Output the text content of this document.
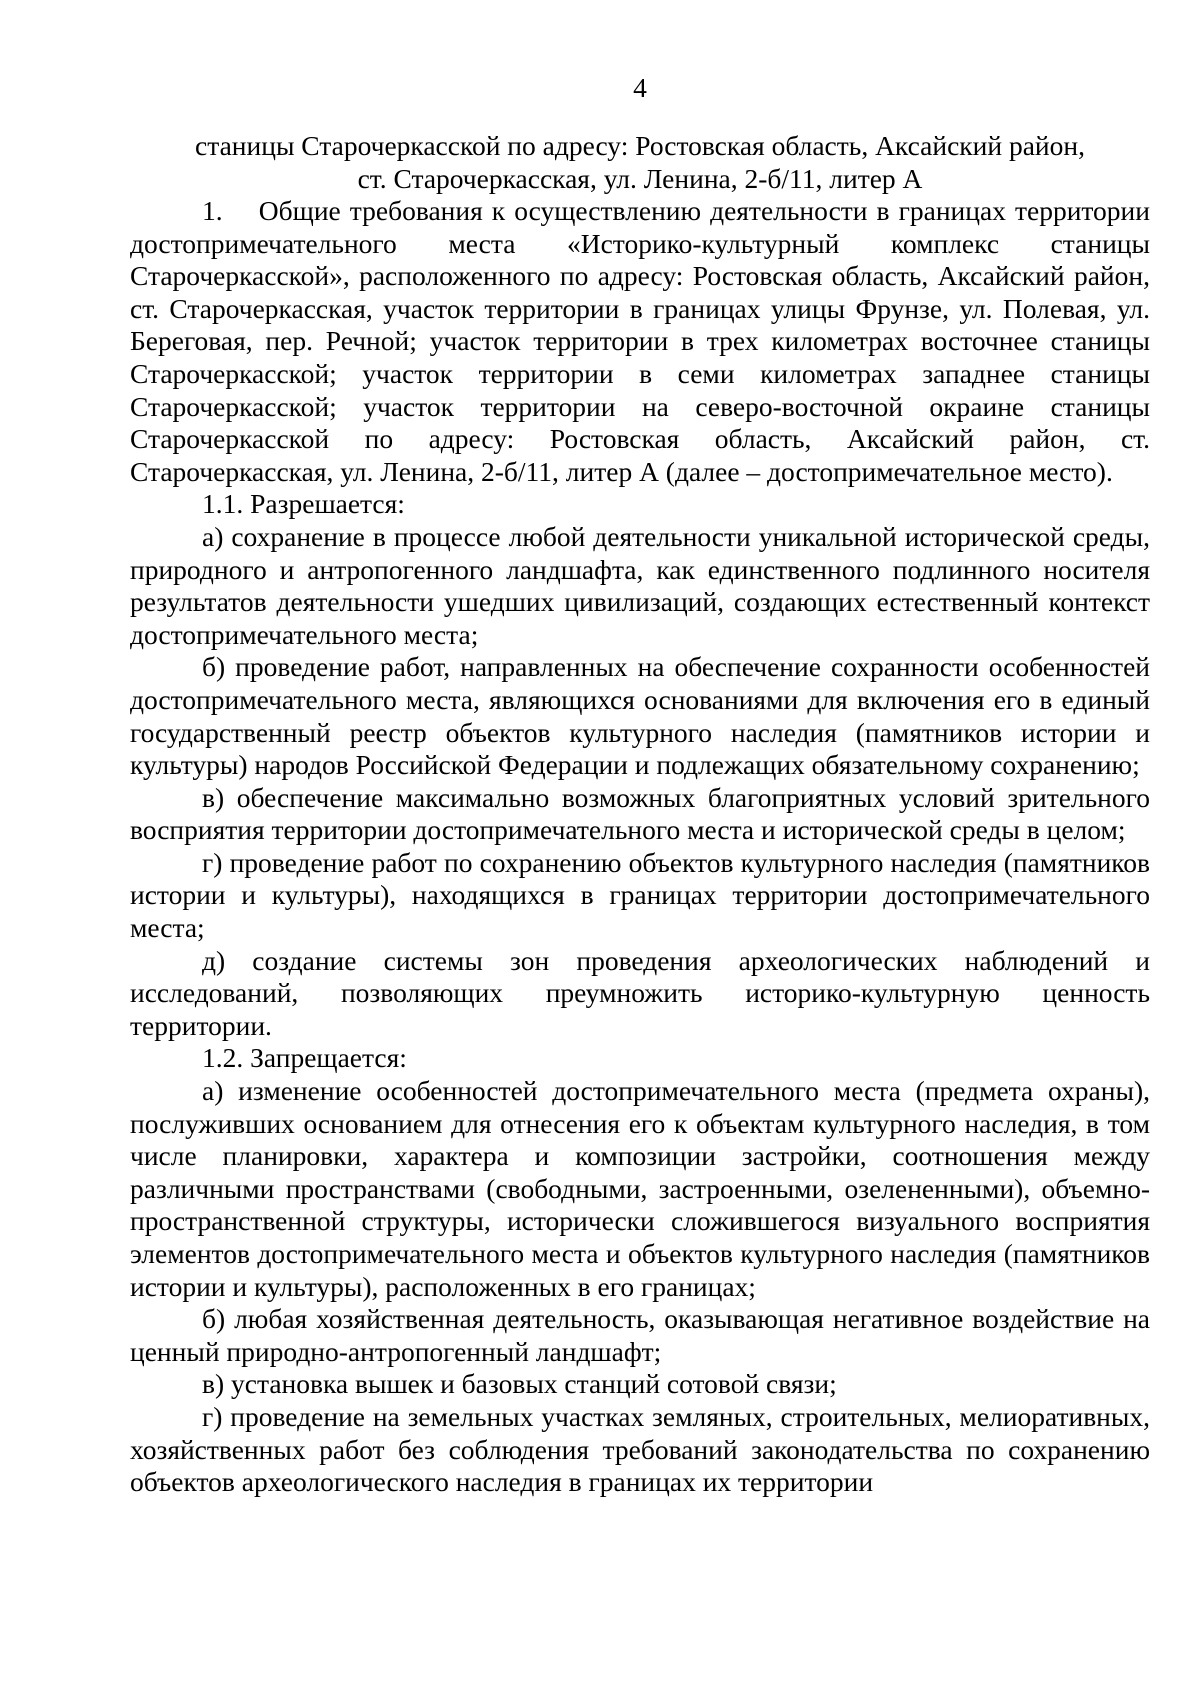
4

станицы Старочеркасской по адресу: Ростовская область, Аксайский район,

ст. Старочеркасская, ул. Ленина, 2-б/11, литер А

1.    Общие требования к осуществлению деятельности в границах территории достопримечательного места «Историко-культурный комплекс станицы Старочеркасской», расположенного по адресу: Ростовская область, Аксайский район, ст. Старочеркасская, участок территории в границах улицы Фрунзе, ул. Полевая, ул. Береговая, пер. Речной; участок территории в трех километрах восточнее станицы Старочеркасской; участок территории в семи километрах западнее станицы Старочеркасской; участок территории на северо-восточной окраине станицы Старочеркасской по адресу: Ростовская область, Аксайский район, ст. Старочеркасская, ул. Ленина, 2-б/11, литер А (далее – достопримечательное место).

1.1. Разрешается:

а) сохранение в процессе любой деятельности уникальной исторической среды, природного и антропогенного ландшафта, как единственного подлинного носителя результатов деятельности ушедших цивилизаций, создающих естественный контекст достопримечательного места;

б) проведение работ, направленных на обеспечение сохранности особенностей достопримечательного места, являющихся основаниями для включения его в единый государственный реестр объектов культурного наследия (памятников истории и культуры) народов Российской Федерации и подлежащих обязательному сохранению;

в) обеспечение максимально возможных благоприятных условий зрительного восприятия территории достопримечательного места и исторической среды в целом;

г) проведение работ по сохранению объектов культурного наследия (памятников истории и культуры), находящихся в границах территории достопримечательного места;

д) создание системы зон проведения археологических наблюдений и исследований, позволяющих преумножить историко-культурную ценность территории.

1.2. Запрещается:

а) изменение особенностей достопримечательного места (предмета охраны), послуживших основанием для отнесения его к объектам культурного наследия, в том числе планировки, характера и композиции застройки, соотношения между различными пространствами (свободными, застроенными, озелененными), объемно-пространственной структуры, исторически сложившегося визуального восприятия элементов достопримечательного места и объектов культурного наследия (памятников истории и культуры), расположенных в его границах;

б) любая хозяйственная деятельность, оказывающая негативное воздействие на ценный природно-антропогенный ландшафт;

в) установка вышек и базовых станций сотовой связи;

г) проведение на земельных участках земляных, строительных, мелиоративных, хозяйственных работ без соблюдения требований законодательства по сохранению объектов археологического наследия в границах их территории
